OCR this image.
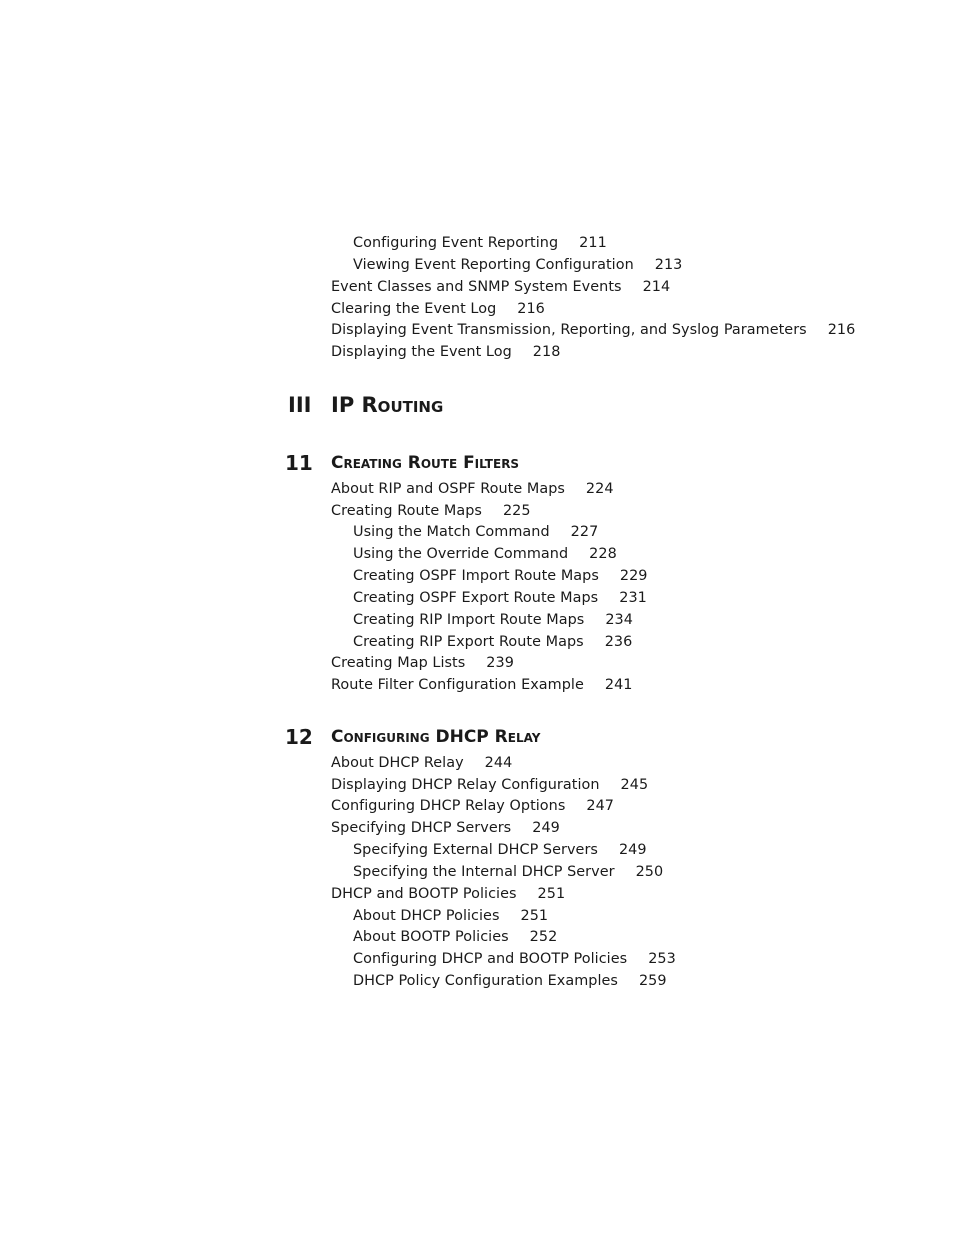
Configuring Event Reporting 211
Viewing Event Reporting Configuration 213
Event Classes and SNMP System Events 214
Clearing the Event Log 216
Displaying Event Transmission, Reporting, and Syslog Parameters 216
Displaying the Event Log 218
III IP Routing
11 Creating Route Filters
About RIP and OSPF Route Maps 224
Creating Route Maps 225
Using the Match Command 227
Using the Override Command 228
Creating OSPF Import Route Maps 229
Creating OSPF Export Route Maps 231
Creating RIP Import Route Maps 234
Creating RIP Export Route Maps 236
Creating Map Lists 239
Route Filter Configuration Example 241
12 Configuring DHCP Relay
About DHCP Relay 244
Displaying DHCP Relay Configuration 245
Configuring DHCP Relay Options 247
Specifying DHCP Servers 249
Specifying External DHCP Servers 249
Specifying the Internal DHCP Server 250
DHCP and BOOTP Policies 251
About DHCP Policies 251
About BOOTP Policies 252
Configuring DHCP and BOOTP Policies 253
DHCP Policy Configuration Examples 259
